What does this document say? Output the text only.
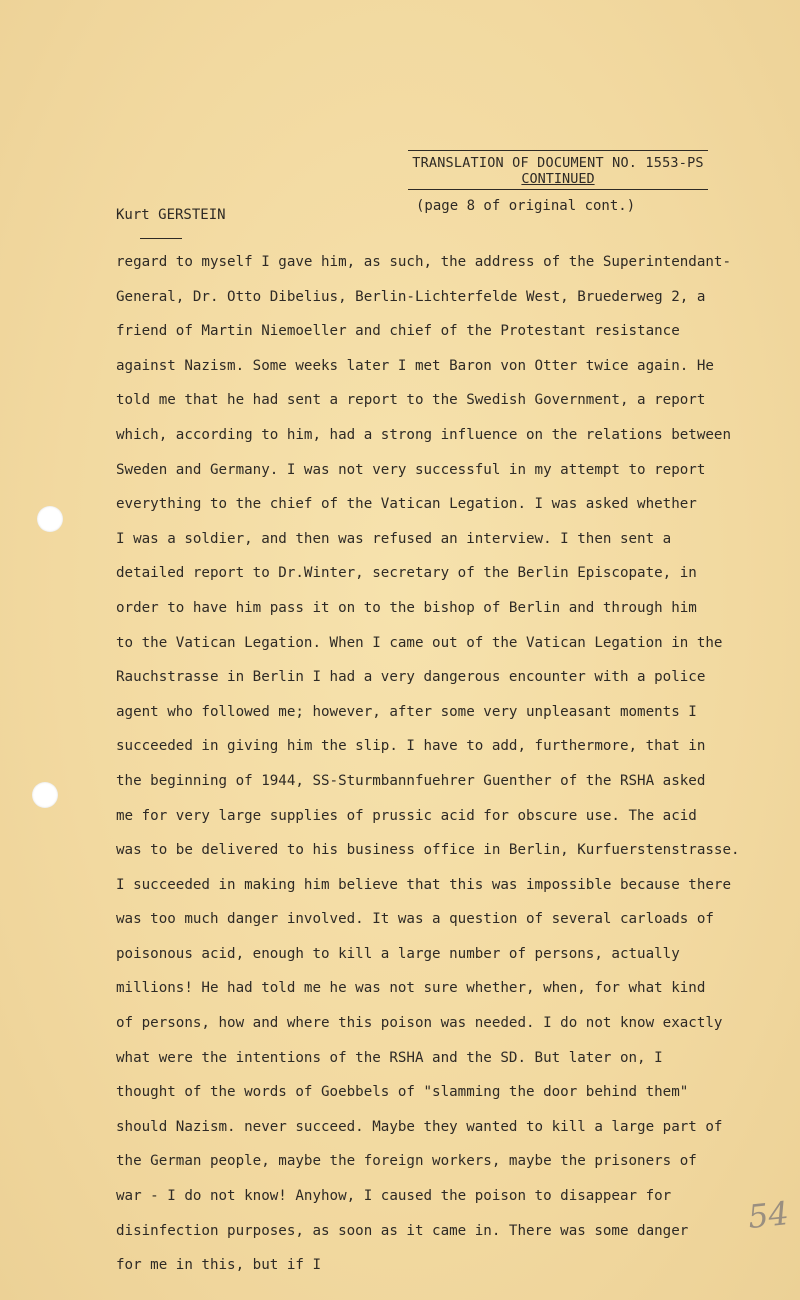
TRANSLATION OF DOCUMENT NO. 1553-PS
CONTINUED
(page 8 of original cont.)
Kurt GERSTEIN
regard to myself I gave him, as such, the address of the Superintendant-
General, Dr. Otto Dibelius, Berlin-Lichterfelde West, Bruederweg 2, a
friend of Martin Niemoeller and chief of the Protestant resistance
against Nazism. Some weeks later I met Baron von Otter twice again. He
told me that he had sent a report to the Swedish Government, a report
which, according to him, had a strong influence on the relations between
Sweden and Germany. I was not very successful in my attempt to report
everything to the chief of the Vatican Legation. I was asked whether
I was a soldier, and then was refused an interview. I then sent a
detailed report to Dr.Winter, secretary of the Berlin Episcopate, in
order to have him pass it on to the bishop of Berlin and through him
to the Vatican Legation. When I came out of the Vatican Legation in the
Rauchstrasse in Berlin I had a very dangerous encounter with a police
agent who followed me; however, after some very unpleasant moments I
succeeded in giving him the slip. I have to add, furthermore, that in
the beginning of 1944, SS-Sturmbannfuehrer Guenther of the RSHA asked
me for very large supplies of prussic acid for obscure use. The acid
was to be delivered to his business office in Berlin, Kurfuerstenstrasse.
I succeeded in making him believe that this was impossible because there
was too much danger involved. It was a question of several carloads of
poisonous acid, enough to kill a large number of persons, actually
millions! He had told me he was not sure whether, when, for what kind
of persons, how and where this poison was needed. I do not know exactly
what were the intentions of the RSHA and the SD. But later on, I
thought of the words of Goebbels of "slamming the door behind them"
should Nazism. never succeed. Maybe they wanted to kill a large part of
the German people, maybe the foreign workers, maybe the prisoners of
war - I do not know! Anyhow, I caused the poison to disappear for
disinfection purposes, as soon as it came in. There was some danger
for me in this, but if I
54
